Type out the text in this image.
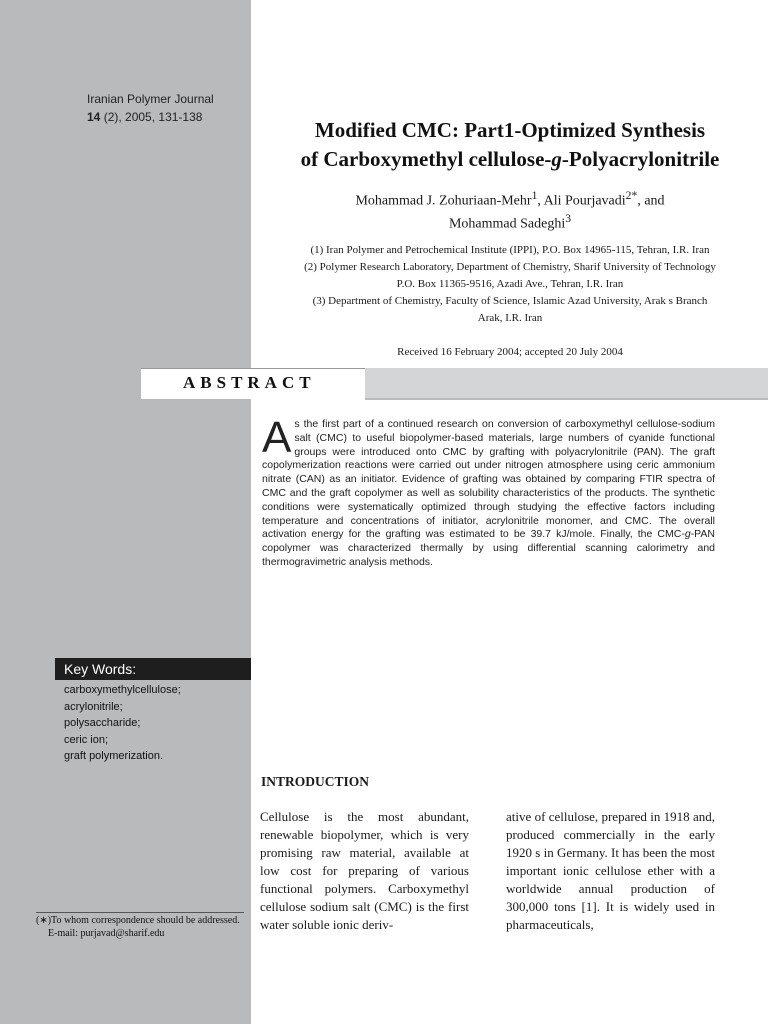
Iranian Polymer Journal
14 (2), 2005, 131-138
Modified CMC: Part1-Optimized Synthesis
of Carboxymethyl cellulose-g-Polyacrylonitrile
Mohammad J. Zohuriaan-Mehr$^1$, Ali Pourjavadi$^{2*}$, and
Mohammad Sadeghi$^3$
(1) Iran Polymer and Petrochemical Institute (IPPI), P.O. Box 14965-115, Tehran, I.R. Iran
(2) Polymer Research Laboratory, Department of Chemistry, Sharif University of Technology
P.O. Box 11365-9516, Azadi Ave., Tehran, I.R. Iran
(3) Department of Chemistry, Faculty of Science, Islamic Azad University, Arak s Branch
Arak, I.R. Iran
Received 16 February 2004; accepted 20 July 2004
ABSTRACT
As the first part of a continued research on conversion of carboxymethyl cellulose-sodium salt (CMC) to useful biopolymer-based materials, large numbers of cyanide functional groups were introduced onto CMC by grafting with polyacrylonitrile (PAN). The graft copolymerization reactions were carried out under nitrogen atmosphere using ceric ammonium nitrate (CAN) as an initiator. Evidence of grafting was obtained by comparing FTIR spectra of CMC and the graft copolymer as well as solubility characteristics of the products. The synthetic conditions were systematically optimized through studying the effective factors including temperature and concentrations of initiator, acrylonitrile monomer, and CMC. The overall activation energy for the grafting was estimated to be 39.7 kJ/mole. Finally, the CMC-g-PAN copolymer was characterized thermally by using differential scanning calorimetry and thermogravimetric analysis methods.
Key Words:
carboxymethylcellulose;
acrylonitrile;
polysaccharide;
ceric ion;
graft polymerization.
INTRODUCTION
Cellulose is the most abundant, renewable biopolymer, which is very promising raw material, available at low cost for preparing of various functional polymers. Carboxymethyl cellulose sodium salt (CMC) is the first water soluble ionic deriv-
ative of cellulose, prepared in 1918 and, produced commercially in the early 1920 s in Germany. It has been the most important ionic cellulose ether with a worldwide annual production of 300,000 tons [1]. It is widely used in pharmaceuticals,
(∗)To whom correspondence should be addressed.
E-mail: purjavad@sharif.edu
